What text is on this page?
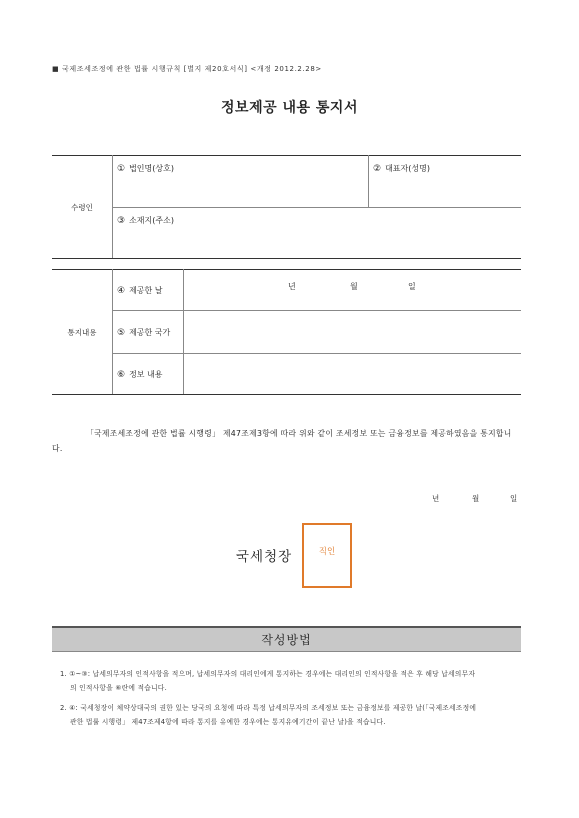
■ 국제조세조정에 관한 법률 시행규칙 [별지 제20호서식] <개정 2012.2.28>
정보제공 내용 통지서
수령인	
① 법인명(상호)	② 대표자(성명)

③ 소재지(주소)
통지내용	④ 제공한 날	년 월 일

	⑤ 제공한 국가	

	⑥ 정보 내용	

「국제조세조정에 관한 법률 시행령」 제47조제3항에 따라 위와 같이 조세정보 또는 금융정보를 제공하였음을 통지합니다.
년	월	일
국세청장	직인
작성방법
1. ①~③: 납세의무자의 인적사항을 적으며, 납세의무자의 대리인에게 통지하는 경우에는 대리인의 인적사항을 적은 후 해당 납세의무자
의 인적사항을 ⑥란에 적습니다.
2. ④: 국세청장이 체약상대국의 권한 있는 당국의 요청에 따라 특정 납세의무자의 조세정보 또는 금융정보를 제공한 날(「국제조세조정에
관한 법률 시행령」 제47조제4항에 따라 통지를 유예한 경우에는 통지유예기간이 끝난 날)을 적습니다.
